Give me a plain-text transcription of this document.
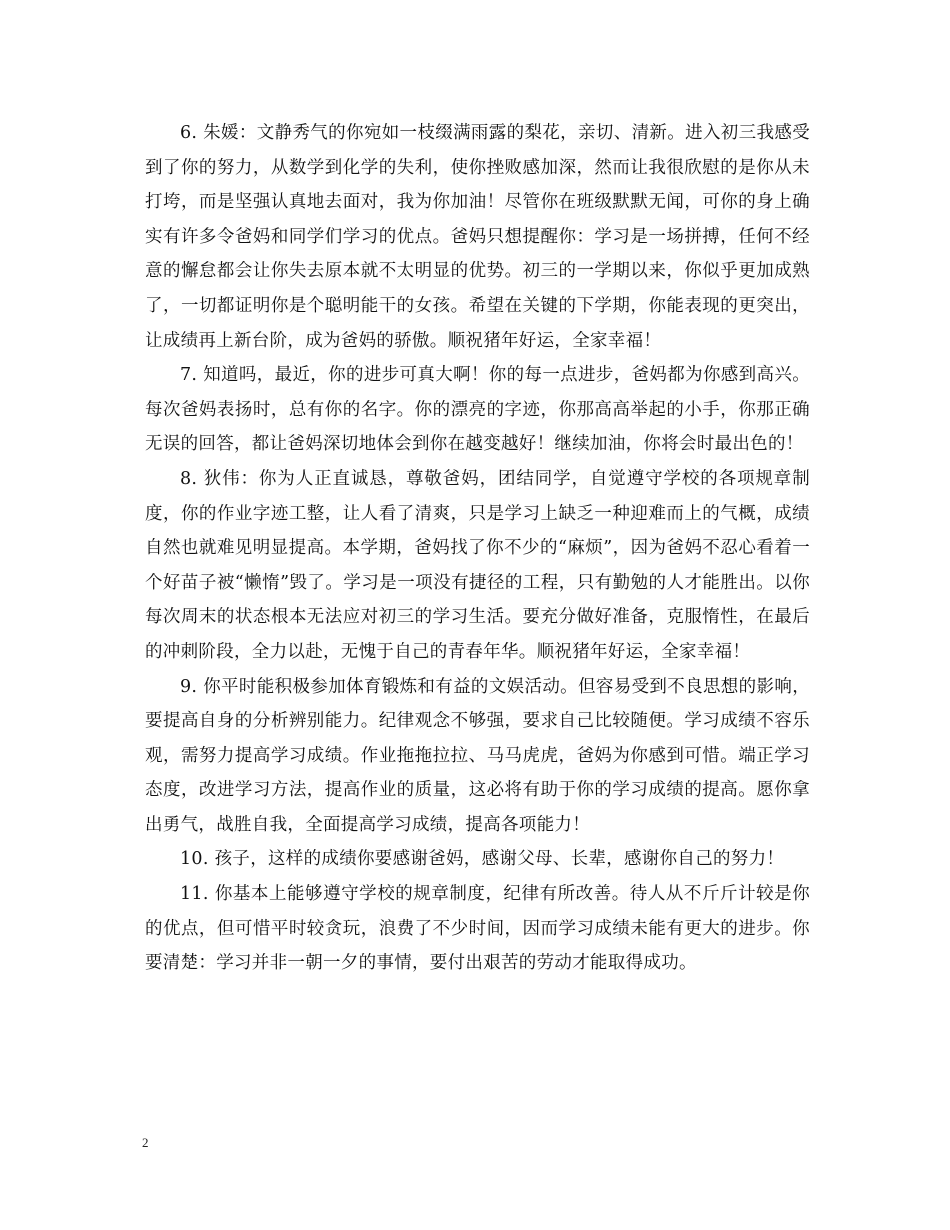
6. 朱媛：文静秀气的你宛如一枝缀满雨露的梨花，亲切、清新。进入初三我感受到了你的努力，从数学到化学的失利，使你挫败感加深，然而让我很欣慰的是你从未打垮，而是坚强认真地去面对，我为你加油！尽管你在班级默默无闻，可你的身上确实有许多令爸妈和同学们学习的优点。爸妈只想提醒你：学习是一场拼搏，任何不经意的懈怠都会让你失去原本就不太明显的优势。初三的一学期以来，你似乎更加成熟了，一切都证明你是个聪明能干的女孩。希望在关键的下学期，你能表现的更突出，让成绩再上新台阶，成为爸妈的骄傲。顺祝猪年好运，全家幸福！

7. 知道吗，最近，你的进步可真大啊！你的每一点进步，爸妈都为你感到高兴。每次爸妈表扬时，总有你的名字。你的漂亮的字迹，你那高高举起的小手，你那正确无误的回答，都让爸妈深切地体会到你在越变越好！继续加油，你将会时最出色的！

8. 狄伟：你为人正直诚恳，尊敬爸妈，团结同学，自觉遵守学校的各项规章制度，你的作业字迹工整，让人看了清爽，只是学习上缺乏一种迎难而上的气概，成绩自然也就难见明显提高。本学期，爸妈找了你不少的“麻烦”，因为爸妈不忍心看着一个好苗子被“懒惰”毁了。学习是一项没有捷径的工程，只有勤勉的人才能胜出。以你每次周末的状态根本无法应对初三的学习生活。要充分做好准备，克服惰性，在最后的冲刺阶段，全力以赴，无愧于自己的青春年华。顺祝猪年好运，全家幸福！

9. 你平时能积极参加体育锻炼和有益的文娱活动。但容易受到不良思想的影响，要提高自身的分析辨别能力。纪律观念不够强，要求自己比较随便。学习成绩不容乐观，需努力提高学习成绩。作业拖拖拉拉、马马虎虎，爸妈为你感到可惜。端正学习态度，改进学习方法，提高作业的质量，这必将有助于你的学习成绩的提高。愿你拿出勇气，战胜自我，全面提高学习成绩，提高各项能力！

10. 孩子，这样的成绩你要感谢爸妈，感谢父母、长辈，感谢你自己的努力！

11. 你基本上能够遵守学校的规章制度，纪律有所改善。待人从不斤斤计较是你的优点，但可惜平时较贪玩，浪费了不少时间，因而学习成绩未能有更大的进步。你要清楚：学习并非一朝一夕的事情，要付出艰苦的劳动才能取得成功。

2
